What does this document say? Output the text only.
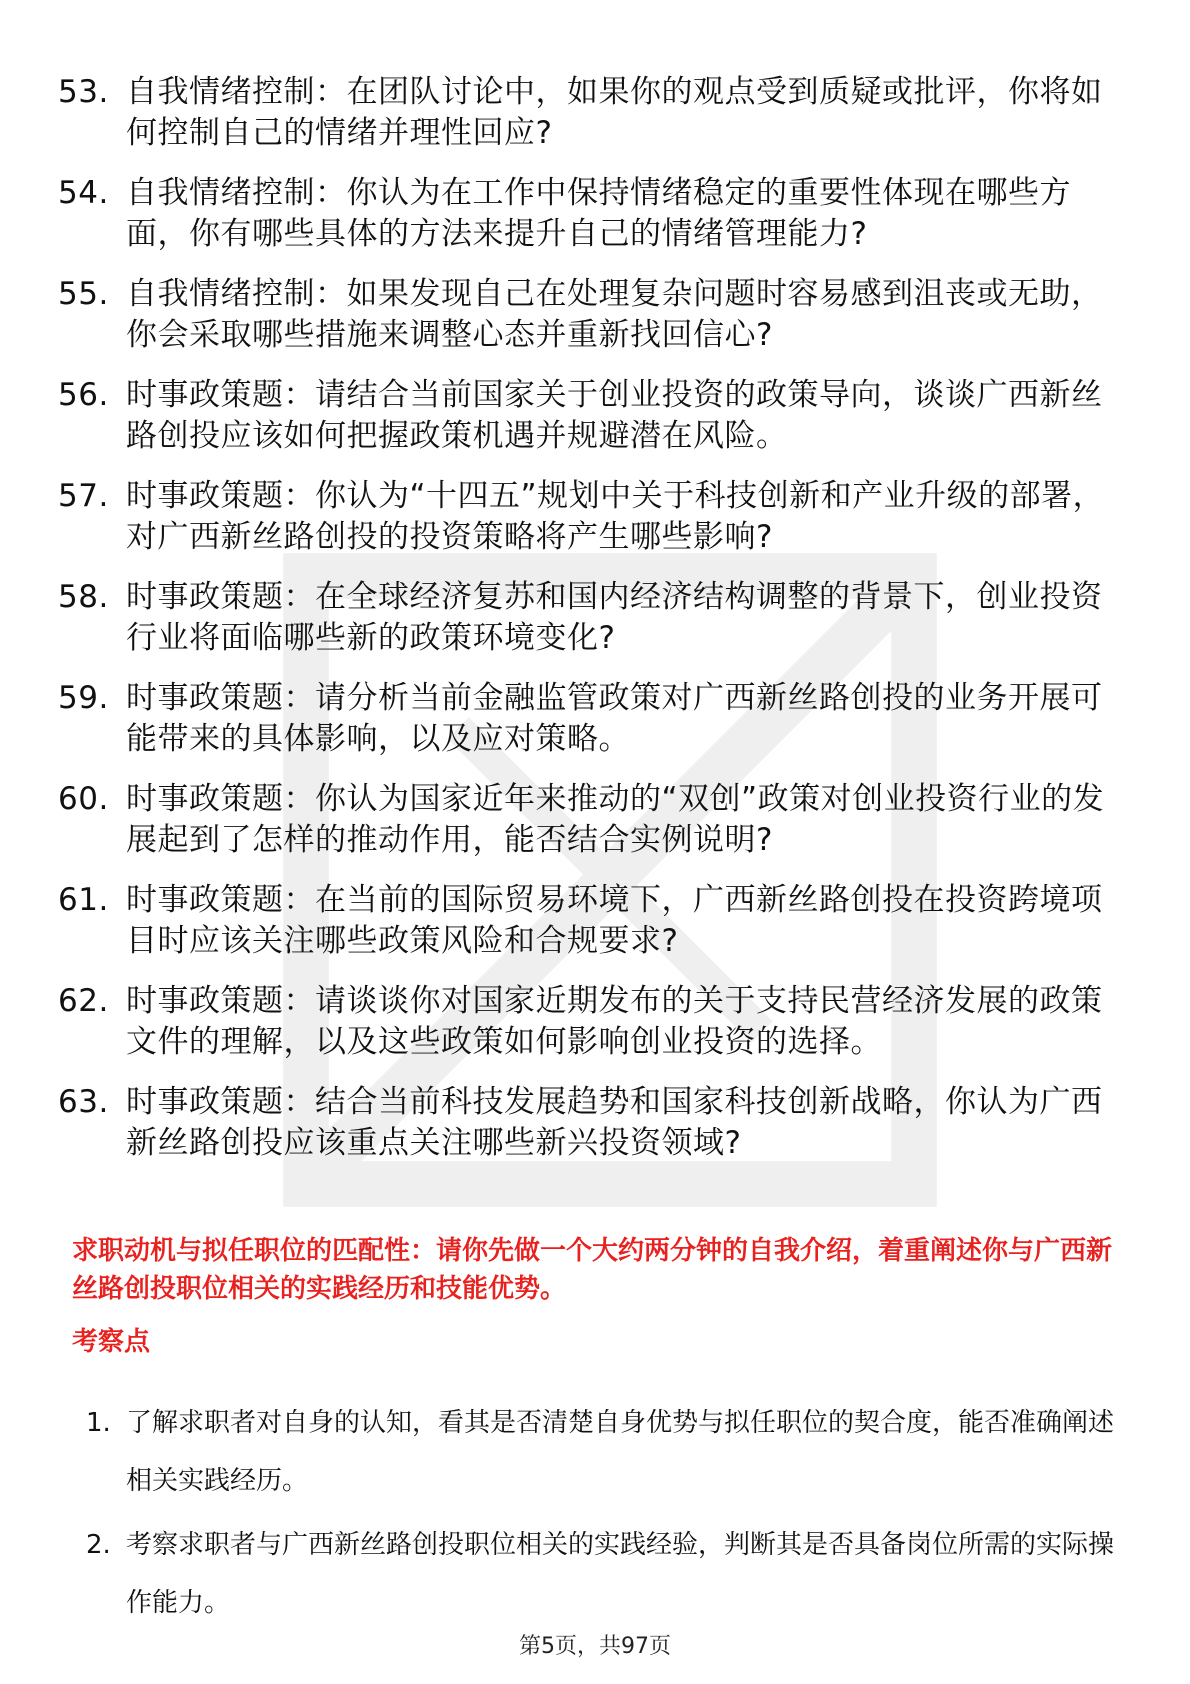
53. 自我情绪控制：在团队讨论中，如果你的观点受到质疑或批评，你将如何控制自己的情绪并理性回应?
54. 自我情绪控制：你认为在工作中保持情绪稳定的重要性体现在哪些方面，你有哪些具体的方法来提升自己的情绪管理能力?
55. 自我情绪控制：如果发现自己在处理复杂问题时容易感到沮丧或无助，你会采取哪些措施来调整心态并重新找回信心?
56. 时事政策题：请结合当前国家关于创业投资的政策导向，谈谈广西新丝路创投应该如何把握政策机遇并规避潜在风险。
57. 时事政策题：你认为“十四五”规划中关于科技创新和产业升级的部署，对广西新丝路创投的投资策略将产生哪些影响?
58. 时事政策题：在全球经济复苏和国内经济结构调整的背景下，创业投资行业将面临哪些新的政策环境变化?
59. 时事政策题：请分析当前金融监管政策对广西新丝路创投的业务开展可能带来的具体影响，以及应对策略。
60. 时事政策题：你认为国家近年来推动的“双创”政策对创业投资行业的发展起到了怎样的推动作用，能否结合实例说明?
61. 时事政策题：在当前的国际贸易环境下，广西新丝路创投在投资跨境项目时应该关注哪些政策风险和合规要求?
62. 时事政策题：请谈谈你对国家近期发布的关于支持民营经济发展的政策文件的理解，以及这些政策如何影响创业投资的选择。
63. 时事政策题：结合当前科技发展趋势和国家科技创新战略，你认为广西新丝路创投应该重点关注哪些新兴投资领域?

求职动机与拟任职位的匹配性：请你先做一个大约两分钟的自我介绍，着重阐述你与广西新丝路创投职位相关的实践经历和技能优势。

考察点

1. 了解求职者对自身的认知，看其是否清楚自身优势与拟任职位的契合度，能否准确阐述相关实践经历。
2. 考察求职者与广西新丝路创投职位相关的实践经验，判断其是否具备岗位所需的实际操作能力。
第5页，共97页
